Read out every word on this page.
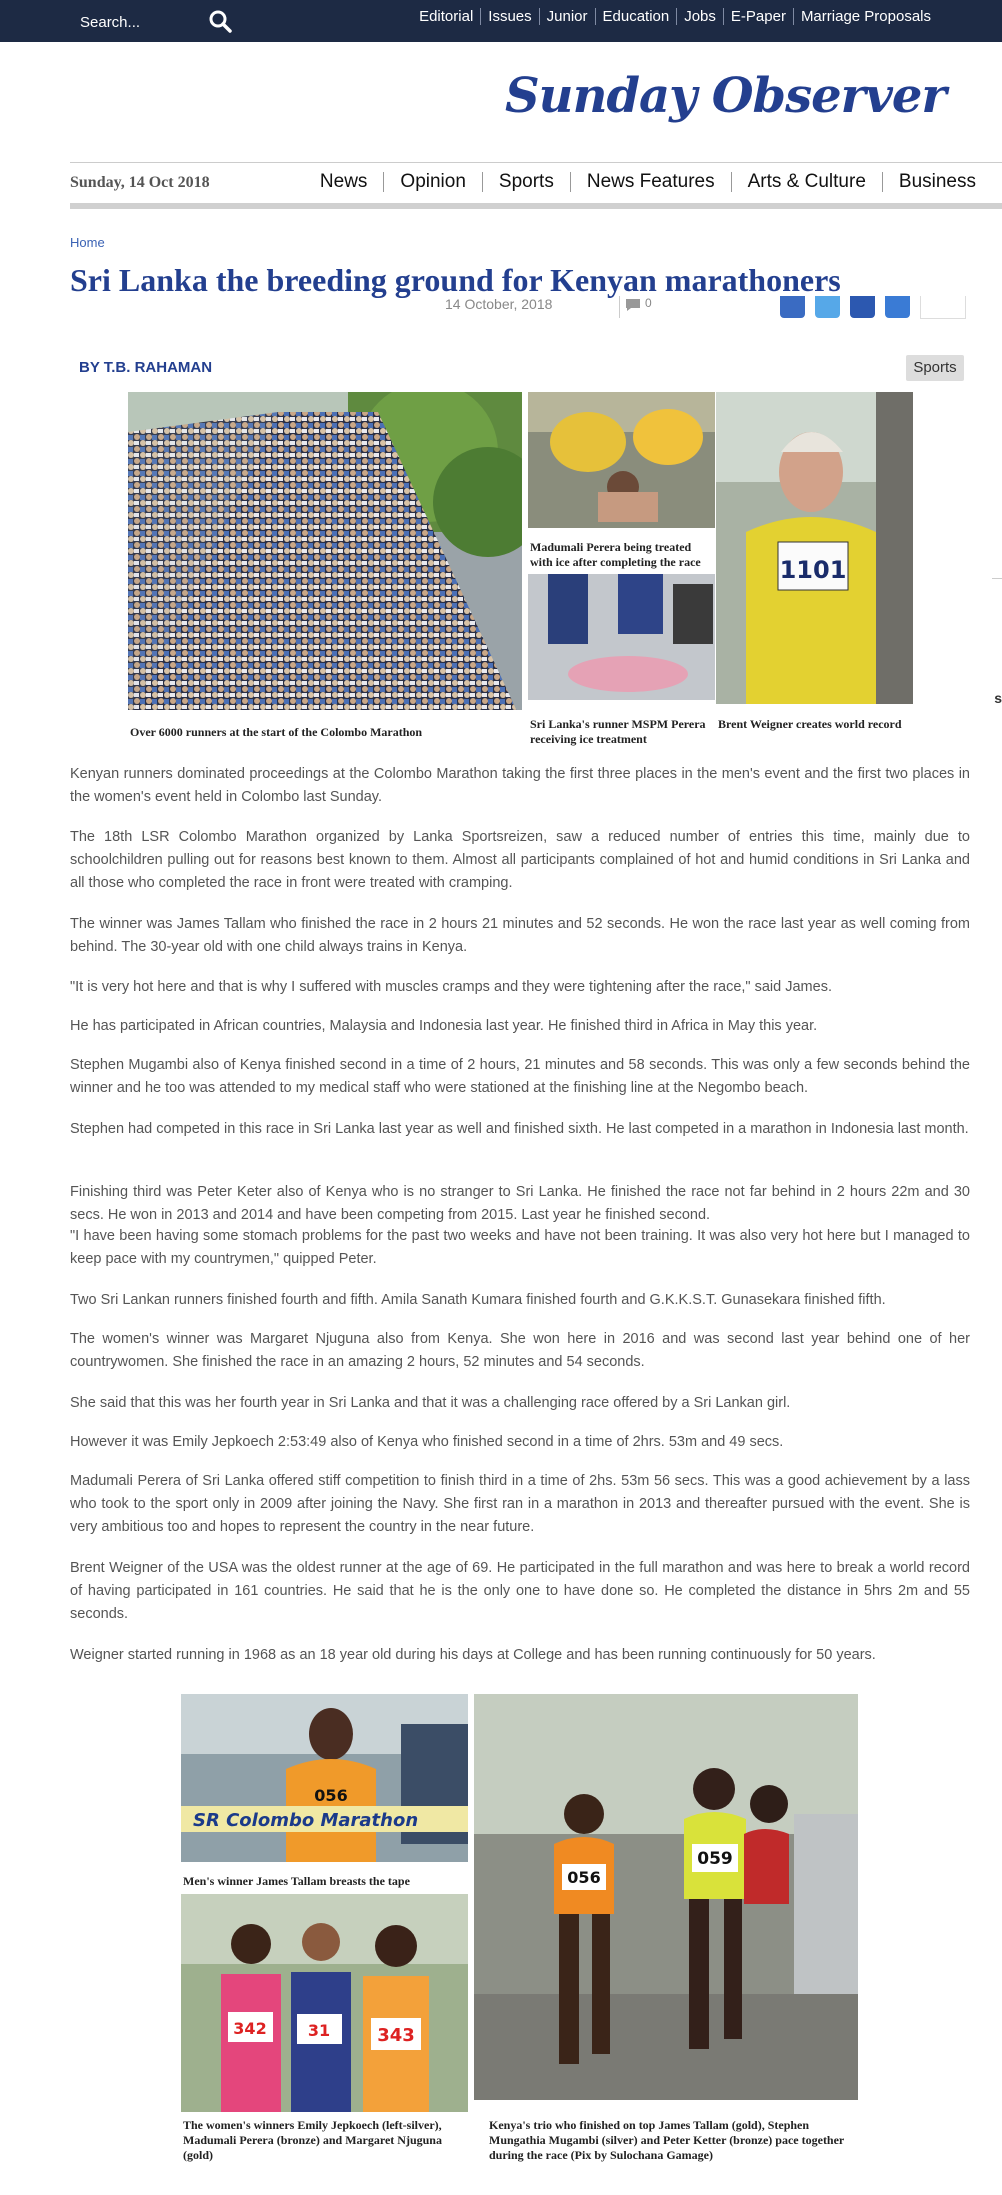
Search...
Editorial	Issues	Junior	Education	Jobs	E-Paper	Marriage Proposals
Sunday Observer
Sunday, 14 Oct 2018	News	Opinion	Sports	News Features	Arts & Culture	Business
Home
Sri Lanka the breeding ground for Kenyan marathoners
14 October, 2018	0
BY T.B. RAHAMAN	Sports
Over 6000 runners at the start of the Colombo Marathon
Madumali Perera being treated with ice after completing the race
Sri Lanka's runner MSPM Perera receiving ice treatment
1101
Brent Weigner creates world record

Kenyan runners dominated proceedings at the Colombo Marathon taking the first three places in the men's event and the first two places in the women's event held in Colombo last Sunday.

The 18th LSR Colombo Marathon organized by Lanka Sportsreizen, saw a reduced number of entries this time, mainly due to schoolchildren pulling out for reasons best known to them. Almost all participants complained of hot and humid conditions in Sri Lanka and all those who completed the race in front were treated with cramping.

The winner was James Tallam who finished the race in 2 hours 21 minutes and 52 seconds. He won the race last year as well coming from behind. The 30-year old with one child always trains in Kenya.

"It is very hot here and that is why I suffered with muscles cramps and they were tightening after the race," said James.

He has participated in African countries, Malaysia and Indonesia last year. He finished third in Africa in May this year.

Stephen Mugambi also of Kenya finished second in a time of 2 hours, 21 minutes and 58 seconds. This was only a few seconds behind the winner and he too was attended to my medical staff who were stationed at the finishing line at the Negombo beach.

Stephen had competed in this race in Sri Lanka last year as well and finished sixth. He last competed in a marathon in Indonesia last month.

Finishing third was Peter Keter also of Kenya who is no stranger to Sri Lanka. He finished the race not far behind in 2 hours 22m and 30 secs. He won in 2013 and 2014 and have been competing from 2015. Last year he finished second.

"I have been having some stomach problems for the past two weeks and have not been training. It was also very hot here but I managed to keep pace with my countrymen," quipped Peter.

Two Sri Lankan runners finished fourth and fifth. Amila Sanath Kumara finished fourth and G.K.K.S.T. Gunasekara finished fifth.

The women's winner was Margaret Njuguna also from Kenya. She won here in 2016 and was second last year behind one of her countrywomen. She finished the race in an amazing 2 hours, 52 minutes and 54 seconds.

She said that this was her fourth year in Sri Lanka and that it was a challenging race offered by a Sri Lankan girl.

However it was Emily Jepkoech 2:53:49 also of Kenya who finished second in a time of 2hrs. 53m and 49 secs.

Madumali Perera of Sri Lanka offered stiff competition to finish third in a time of 2hs. 53m 56 secs. This was a good achievement by a lass who took to the sport only in 2009 after joining the Navy. She first ran in a marathon in 2013 and thereafter pursued with the event. She is very ambitious too and hopes to represent the country in the near future.

Brent Weigner of the USA was the oldest runner at the age of 69. He participated in the full marathon and was here to break a world record of having participated in 161 countries. He said that he is the only one to have done so. He completed the distance in 5hrs 2m and 55 seconds.

Weigner started running in 1968 as an 18 year old during his days at College and has been running continuously for 50 years.

SR Colombo Marathon
056
Men's winner James Tallam breasts the tape
342	31	343
The women's winners Emily Jepkoech (left-silver), Madumali Perera (bronze) and Margaret Njuguna (gold)
056
059
Kenya's trio who finished on top James Tallam (gold), Stephen Mungathia Mugambi (silver) and Peter Ketter (bronze) pace together during the race (Pix by Sulochana Gamage)
s
